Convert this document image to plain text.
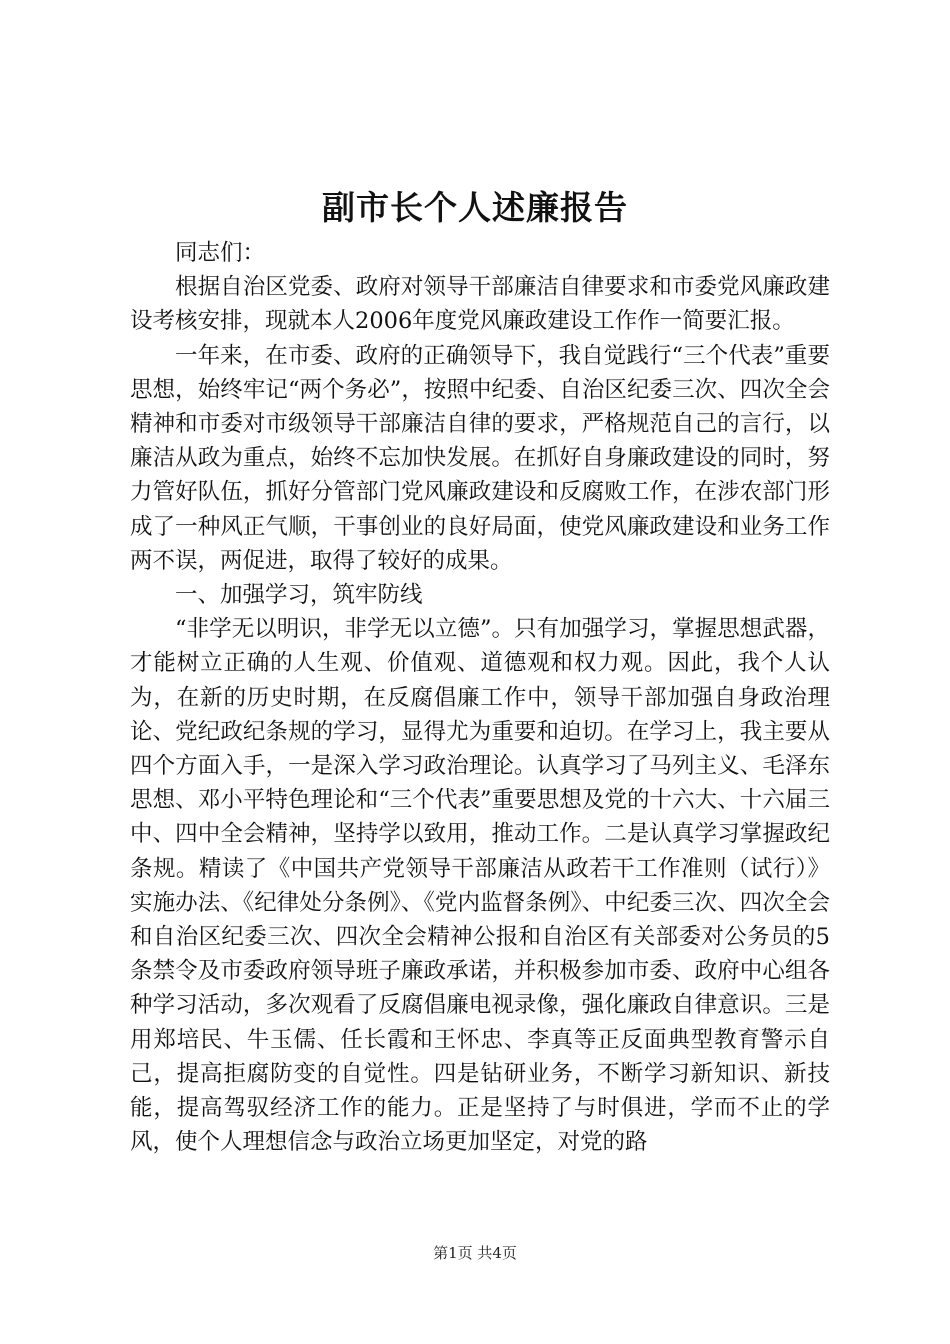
副市长个人述廉报告

同志们：

根据自治区党委、政府对领导干部廉洁自律要求和市委党风廉政建设考核安排，现就本人2006年度党风廉政建设工作作一简要汇报。

一年来，在市委、政府的正确领导下，我自觉践行“三个代表”重要思想，始终牢记“两个务必”，按照中纪委、自治区纪委三次、四次全会精神和市委对市级领导干部廉洁自律的要求，严格规范自己的言行，以廉洁从政为重点，始终不忘加快发展。在抓好自身廉政建设的同时，努力管好队伍，抓好分管部门党风廉政建设和反腐败工作，在涉农部门形成了一种风正气顺，干事创业的良好局面，使党风廉政建设和业务工作两不误，两促进，取得了较好的成果。

一、加强学习，筑牢防线

“非学无以明识，非学无以立德”。只有加强学习，掌握思想武器，才能树立正确的人生观、价值观、道德观和权力观。因此，我个人认为，在新的历史时期，在反腐倡廉工作中，领导干部加强自身政治理论、党纪政纪条规的学习，显得尤为重要和迫切。在学习上，我主要从四个方面入手，一是深入学习政治理论。认真学习了马列主义、毛泽东思想、邓小平特色理论和“三个代表”重要思想及党的十六大、十六届三中、四中全会精神，坚持学以致用，推动工作。二是认真学习掌握政纪条规。精读了《中国共产党领导干部廉洁从政若干工作准则（试行）》实施办法、《纪律处分条例》、《党内监督条例》、中纪委三次、四次全会和自治区纪委三次、四次全会精神公报和自治区有关部委对公务员的5条禁令及市委政府领导班子廉政承诺，并积极参加市委、政府中心组各种学习活动，多次观看了反腐倡廉电视录像，强化廉政自律意识。三是用郑培民、牛玉儒、任长霞和王怀忠、李真等正反面典型教育警示自己，提高拒腐防变的自觉性。四是钻研业务，不断学习新知识、新技能，提高驾驭经济工作的能力。正是坚持了与时俱进，学而不止的学风，使个人理想信念与政治立场更加坚定，对党的路

第1页 共4页
